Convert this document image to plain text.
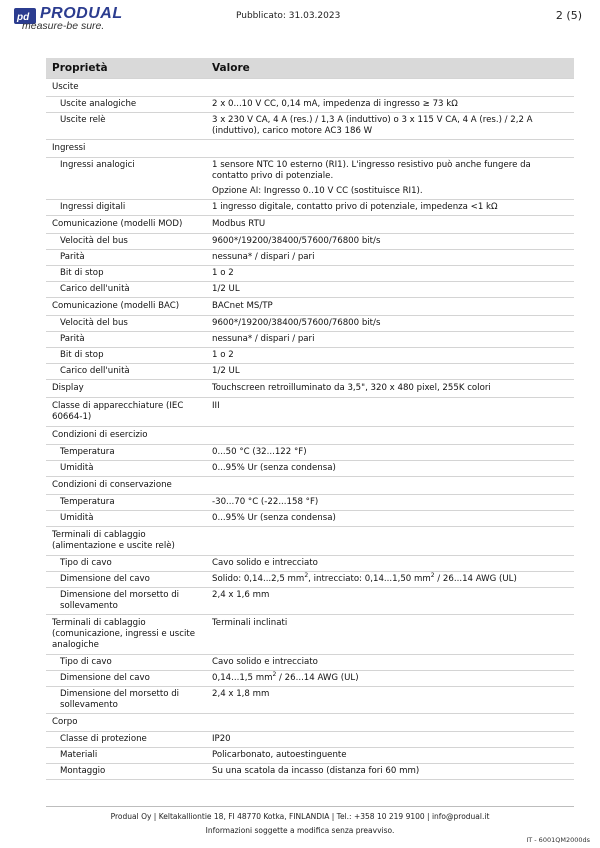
pd PRODUAL
measure-be sure.
Pubblicato: 31.03.2023	2 (5)
Proprietà	Valore
Uscite	
Uscite analogiche	2 x 0...10 V CC, 0,14 mA, impedenza di ingresso ≥ 73 kΩ

Uscite relè	3 x 230 V CA, 4 A (res.) / 1,3 A (induttivo) o 3 x 115 V CA, 4 A (res.) / 2,2 A (induttivo), carico motore AC3 186 W

Ingressi	
Ingressi analogici	1 sensore NTC 10 esterno (RI1). L'ingresso resistivo può anche fungere da contatto privo di potenziale.

Opzione AI: Ingresso 0..10 V CC (sostituisce RI1).

Ingressi digitali	1 ingresso digitale, contatto privo di potenziale, impedenza <1 kΩ

Comunicazione (modelli MOD)	Modbus RTU

Velocità del bus	9600*/19200/38400/57600/76800 bit/s

Parità	nessuna* / dispari / pari

Bit di stop	1 o 2

Carico dell'unità	1/2 UL

Comunicazione (modelli BAC)	BACnet MS/TP

Velocità del bus	9600*/19200/38400/57600/76800 bit/s

Parità	nessuna* / dispari / pari

Bit di stop	1 o 2

Carico dell'unità	1/2 UL

Display	Touchscreen retroilluminato da 3,5", 320 x 480 pixel, 255K colori

Classe di apparecchiature (IEC 60664-1)	III

Condizioni di esercizio	
Temperatura	0...50 °C (32...122 °F)

Umidità	0...95% Ur (senza condensa)

Condizioni di conservazione	
Temperatura	-30...70 °C (-22...158 °F)

Umidità	0...95% Ur (senza condensa)

Terminali di cablaggio (alimentazione e uscite relè)	
Tipo di cavo	Cavo solido e intrecciato

Dimensione del cavo	Solido: 0,14...2,5 $mm^2$, intrecciato: 0,14...1,50 $mm^2 / 26...14$ AWG (UL)

Dimensione del morsetto di sollevamento	2,4 x 1,6 mm

Terminali di cablaggio (comunicazione, ingressi e uscite analogiche	Terminali inclinati

Tipo di cavo	Cavo solido e intrecciato

Dimensione del cavo	0,14...1,5 $mm^2 / 26...14$ AWG (UL)

Dimensione del morsetto di sollevamento	2,4 x 1,8 mm

Corpo	
Classe di protezione	IP20

Materiali	Policarbonato, autoestinguente

Montaggio	Su una scatola da incasso (distanza fori 60 mm)

Produal Oy | Keltakalliontie 18, FI 48770 Kotka, FINLANDIA | Tel.: +358 10 219 9100 | info@produal.it
Informazioni soggette a modifica senza preavviso.
IT - 6001QM2000ds
